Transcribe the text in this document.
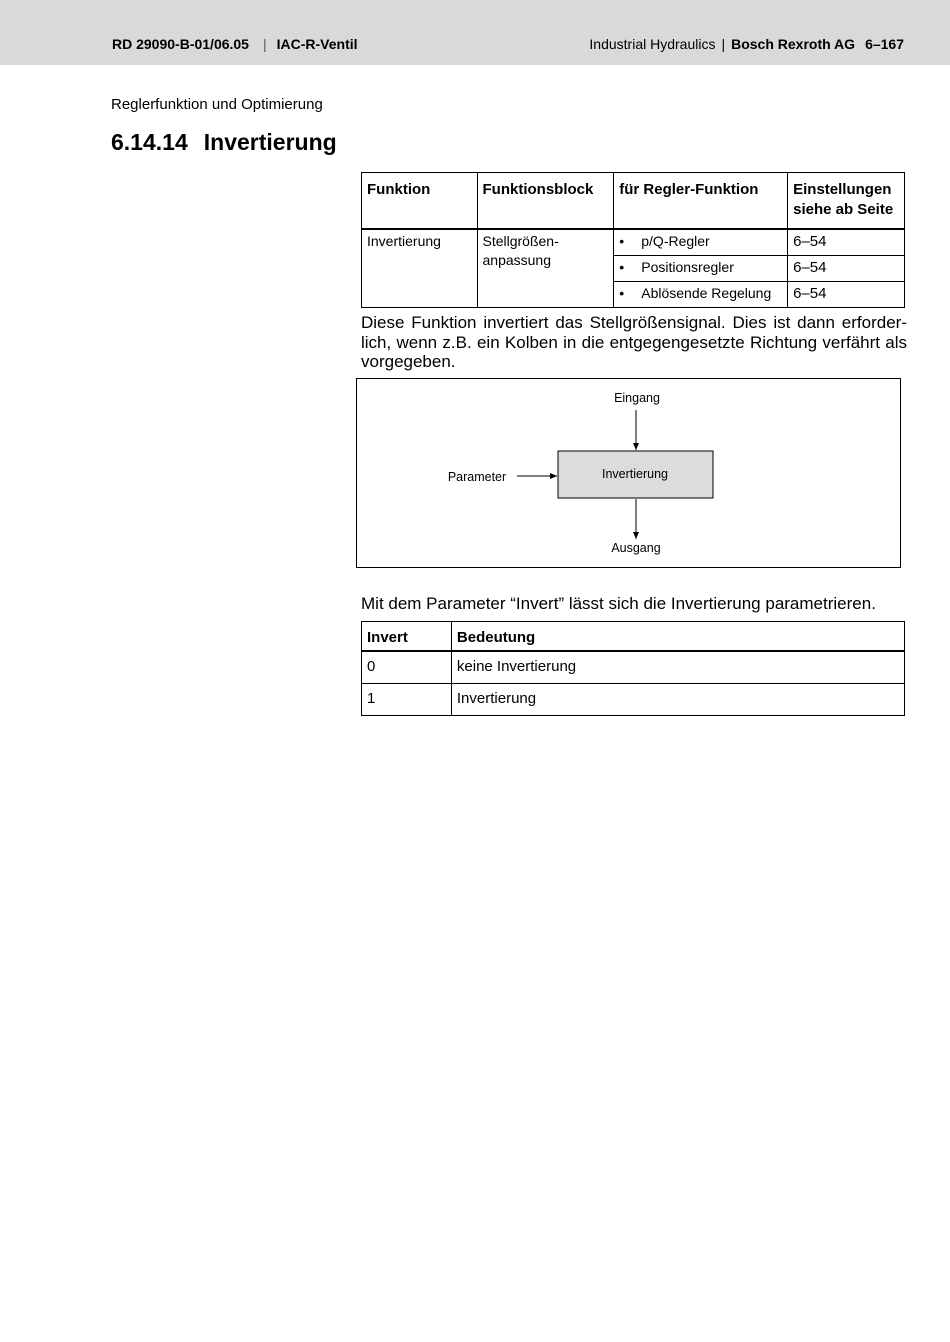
RD 29090-B-01/06.05 | IAC-R-Ventil	Industrial Hydraulics | Bosch Rexroth AG 6–167
Reglerfunktion und Optimierung
6.14.14 Invertierung
Funktion	Funktionsblock	für Regler-Funktion	Einstellungen siehe ab Seite
Invertierung	Stellgrößen-anpassung	• p/Q-Regler	6–54
		• Positionsregler	6–54
		• Ablösende Regelung	6–54

Diese Funktion invertiert das Stellgrößensignal. Dies ist dann erforderlich, wenn z.B. ein Kolben in die entgegengesetzte Richtung verfährt als vorgegeben.

Eingang
Invertierung
Parameter
Ausgang

Mit dem Parameter “Invert” lässt sich die Invertierung parametrieren.

Invert	Bedeutung
0	keine Invertierung
1	Invertierung
